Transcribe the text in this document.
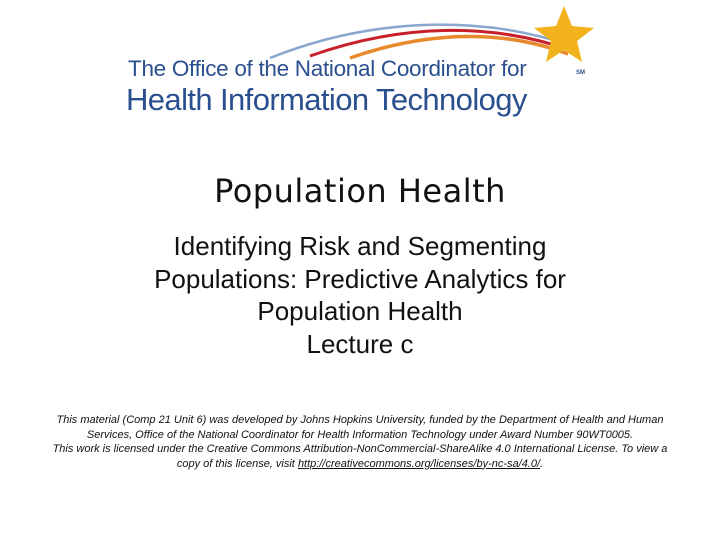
The Office of the National Coordinator for
Health Information Technology
SM
Population Health
Identifying Risk and Segmenting
Populations: Predictive Analytics for
Population Health
Lecture c

This material (Comp 21 Unit 6) was developed by Johns Hopkins University, funded by the Department of Health and Human Services, Office of the National Coordinator for Health Information Technology under Award Number 90WT0005.

This work is licensed under the Creative Commons Attribution-NonCommercial-ShareAlike 4.0 International License. To view a copy of this license, visit http://creativecommons.org/licenses/by-nc-sa/4.0/.
